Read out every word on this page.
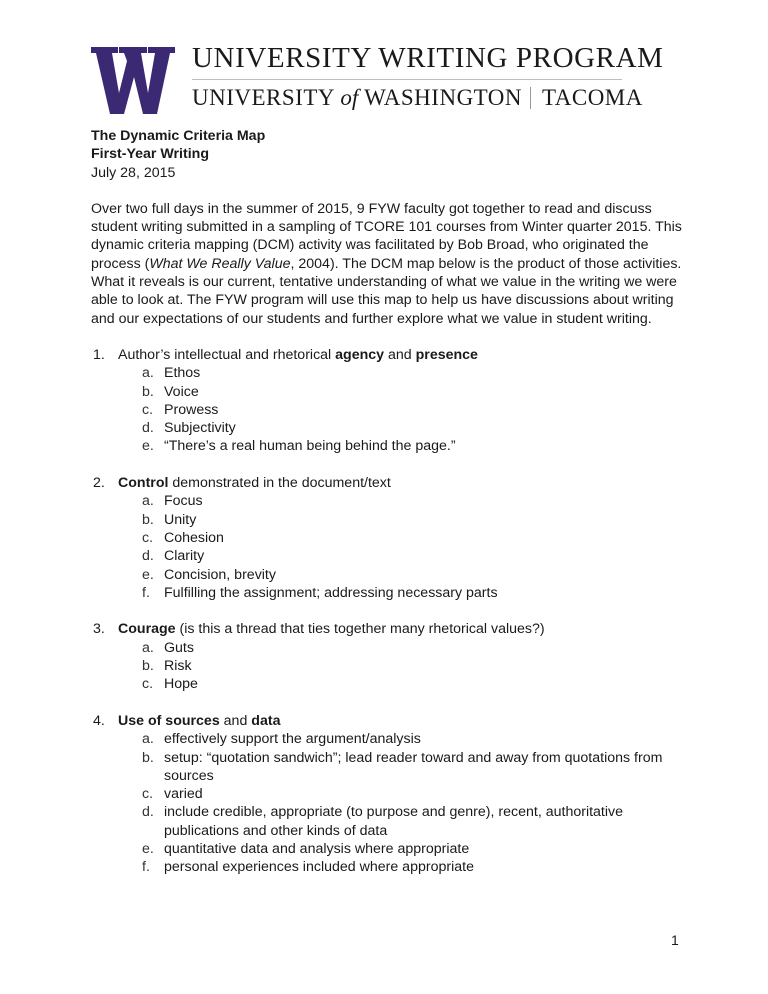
UNIVERSITY WRITING PROGRAM
UNIVERSITY of WASHINGTON TACOMA

The Dynamic Criteria Map

First-Year Writing

July 28, 2015

Over two full days in the summer of 2015, 9 FYW faculty got together to read and discuss student writing submitted in a sampling of TCORE 101 courses from Winter quarter 2015. This dynamic criteria mapping (DCM) activity was facilitated by Bob Broad, who originated the process (What We Really Value, 2004). The DCM map below is the product of those activities. What it reveals is our current, tentative understanding of what we value in the writing we were able to look at. The FYW program will use this map to help us have discussions about writing and our expectations of our students and further explore what we value in student writing.

1. Author’s intellectual and rhetorical agency and presence
a. Ethos
b. Voice
c. Prowess
d. Subjectivity
e. “There’s a real human being behind the page.”
2. Control demonstrated in the document/text
a. Focus
b. Unity
c. Cohesion
d. Clarity
e. Concision, brevity
f. Fulfilling the assignment; addressing necessary parts
3. Courage (is this a thread that ties together many rhetorical values?)
a. Guts
b. Risk
c. Hope
4. Use of sources and data
a. effectively support the argument/analysis
b. setup: “quotation sandwich”; lead reader toward and away from quotations from sources
c. varied
d. include credible, appropriate (to purpose and genre), recent, authoritative publications and other kinds of data
e. quantitative data and analysis where appropriate
f. personal experiences included where appropriate
1
